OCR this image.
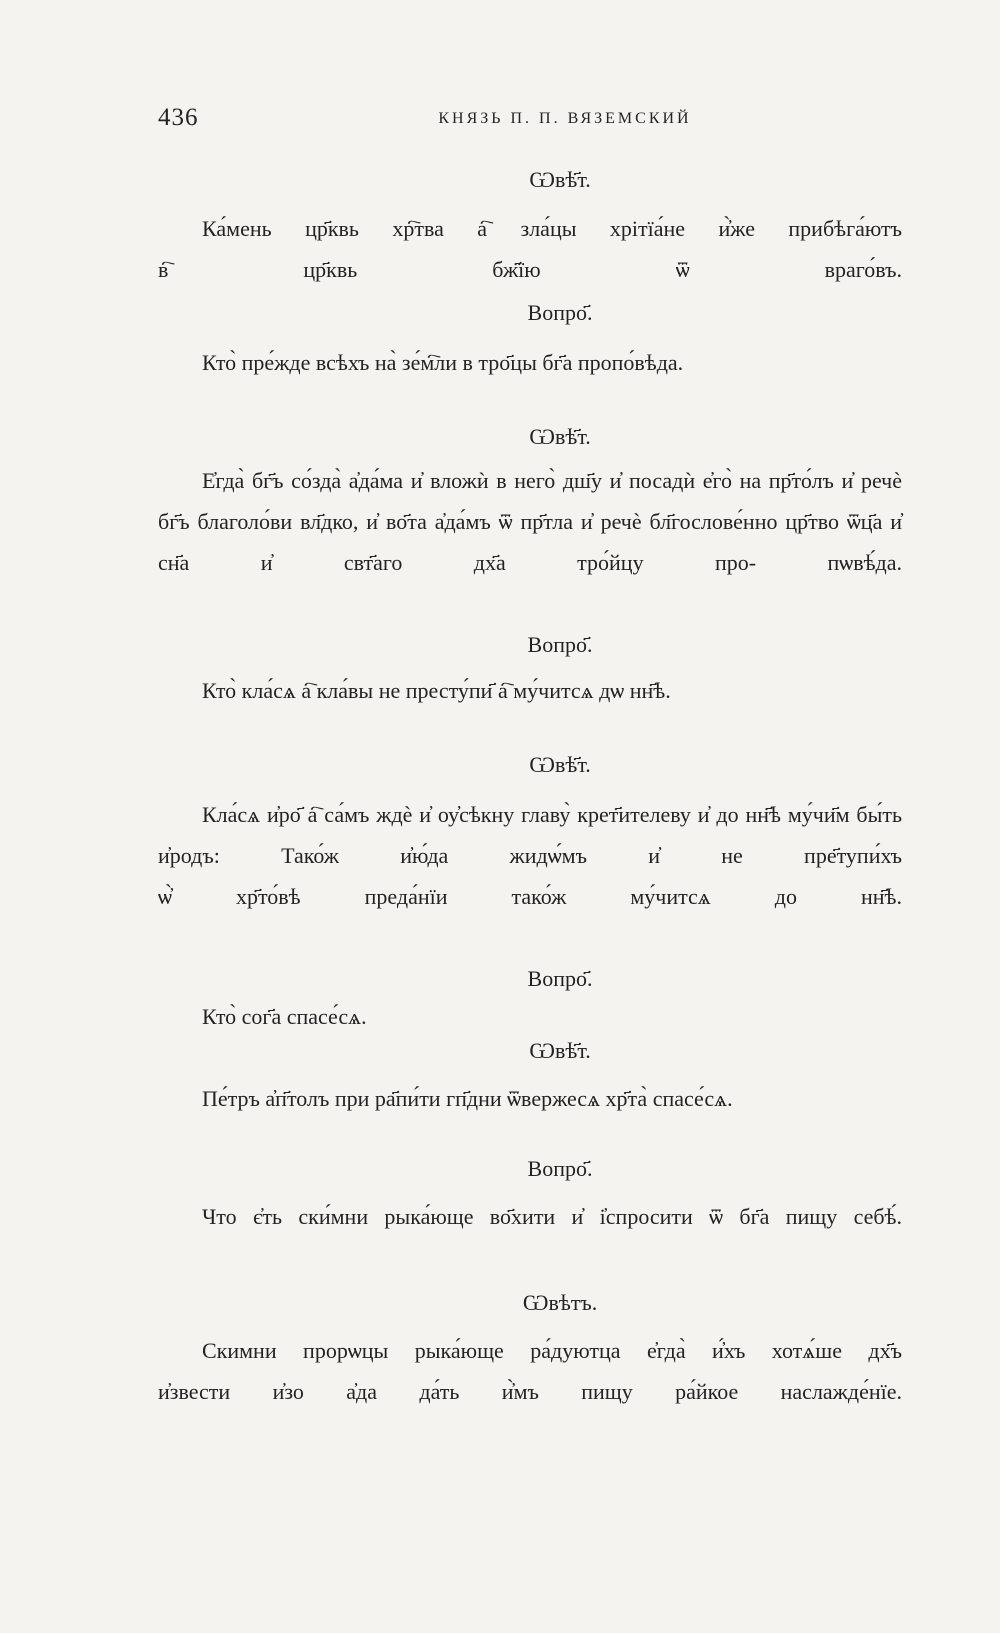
436	КНЯЗЬ П. П. ВЯЗЕМСКИЙ
Ѡвѣ҃т.
Ка́мень цр҃квь хр҇тва а҇ зла́цы хрітїа́не и҆̀же прибѣга́ютъ в҇ цр҃квь бж҃їю ѿ враго́въ.
Вопро҃.
Кто̀ пре́жде всѣхъ на̀ зе́м҇ли в тро҃цы бг҃а пропо́вѣда.
Ѡвѣ҃т.
Е҆гда̀ бг҃ъ со́зда̀ а҆да́ма и҆ вложѝ в него̀ дш҃у и҆ посадѝ е҆го̀ на пр҃то́лъ и҆ речѐ бг҃ъ благоло́ви вл҃дко, и҆ во҃та а҆да́мъ ѿ пр҃тла и҆ речѐ бл҃гослове́нно цр҃тво ѿц҃а и҆ сн҃а и҆ свт҃аго дх҃а тро́йцу про-	пѡвѣ́да.
Вопро҃.
Кто̀ кла́сѧ а҇ кла́вы не престу́пи҃ а҇ му́читсѧ дѡ нн҃ѣ.
Ѡвѣ҃т.
Кла́сѧ и҆ро҃ а҇ са́мъ ждѐ и҆ оу҆сѣкну главу̀ крет҃ителеву и҆ до нн҃ѣ му́чи҃м бы́ть и҆родъ: Тако́ж и҆ю́да жидѡ́мъ и҆ не пре҃тупи́хъ ѡ҆̀ хр҃то́вѣ преда́нїи тако́ж му́читсѧ до нн҃ѣ.
Вопро҃.
Кто̀ сог҃а спасе́сѧ.
Ѡвѣ҃т.
Пе́тръ а҆п҃толъ при ра҃пи́ти гп҃дни ѿвержесѧ хр҃та̀ спасе́сѧ.
Вопро҃.
Что є҆ть ски́мни рыка́юще во҃хити и҆ і҆спросити ѿ бг҃а пищу себѣ́.
Ѡвѣтъ.
Скимни прорѡцы рыка́юще ра́дуютца е҆гда̀ и҆́хъ хотѧ́ше дх҃ъ и҆звести и҆зо а҆да да́ть и҆̀мъ пищу ра́йкое наслажде́нїе.
